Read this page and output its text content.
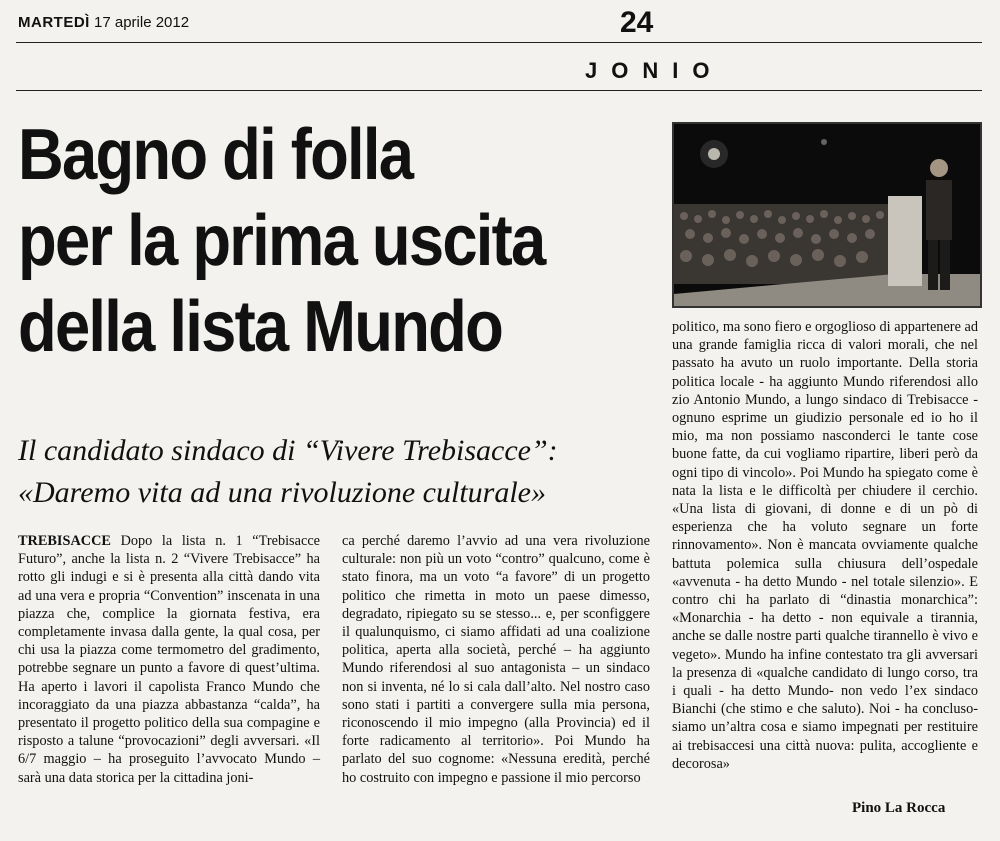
MARTEDÌ 17 aprile 2012	24
JONIO
Bagno di folla
per la prima uscita
della lista Mundo
Il candidato sindaco di “Vivere Trebisacce”:
«Daremo vita ad una rivoluzione culturale»
TREBISACCE Dopo la lista n. 1 “Trebisacce Futuro”, anche la lista n. 2 “Vivere Trebisacce” ha rotto gli indugi e si è presenta alla città dando vita ad una vera e propria “Convention” inscenata in una piazza che, complice la giornata festiva, era completamente invasa dalla gente, la qual cosa, per chi usa la piazza come termometro del gradimento, potrebbe segnare un punto a favore di quest’ultima. Ha aperto i lavori il capolista Franco Mundo che incoraggiato da una piazza abbastanza “calda”, ha presentato il progetto politico della sua compagine e risposto a talune “provocazioni” degli avversari. «Il 6/7 maggio – ha proseguito l’avvocato Mundo – sarà una data storica per la cittadina joni-
ca perché daremo l’avvio ad una vera rivoluzione culturale: non più un voto “contro” qualcuno, come è stato finora, ma un voto “a favore” di un progetto politico che rimetta in moto un paese dimesso, degradato, ripiegato su se stesso... e, per sconfiggere il qualunquismo, ci siamo affidati ad una coalizione politica, aperta alla società, perché – ha aggiunto Mundo riferendosi al suo antagonista – un sindaco non si inventa, né lo si cala dall’alto. Nel nostro caso sono stati i partiti a convergere sulla mia persona, riconoscendo il mio impegno (alla Provincia) ed il forte radicamento al territorio». Poi Mundo ha parlato del suo cognome: «Nessuna eredità, perché ho costruito con impegno e passione il mio percorso
politico, ma sono fiero e orgoglioso di appartenere ad una grande famiglia ricca di valori morali, che nel passato ha avuto un ruolo importante. Della storia politica locale - ha aggiunto Mundo riferendosi allo zio Antonio Mundo, a lungo sindaco di Trebisacce - ognuno esprime un giudizio personale ed io ho il mio, ma non possiamo nasconderci le tante cose buone fatte, da cui vogliamo ripartire, liberi però da ogni tipo di vincolo». Poi Mundo ha spiegato come è nata la lista e le difficoltà per chiudere il cerchio. «Una lista di giovani, di donne e di un pò di esperienza che ha voluto segnare un forte rinnovamento». Non è mancata ovviamente qualche battuta polemica sulla chiusura dell’ospedale «avvenuta - ha detto Mundo - nel totale silenzio». E contro chi ha parlato di “dinastia monarchica”: «Monarchia - ha detto - non equivale a tirannia, anche se dalle nostre parti qualche tirannello è vivo e vegeto». Mundo ha infine contestato tra gli avversari la presenza di «qualche candidato di lungo corso, tra i quali - ha detto Mundo- non vedo l’ex sindaco Bianchi (che stimo e che saluto). Noi - ha concluso- siamo un’altra cosa e siamo impegnati per restituire ai trebisaccesi una città nuova: pulita, accogliente e decorosa»
Pino La Rocca
